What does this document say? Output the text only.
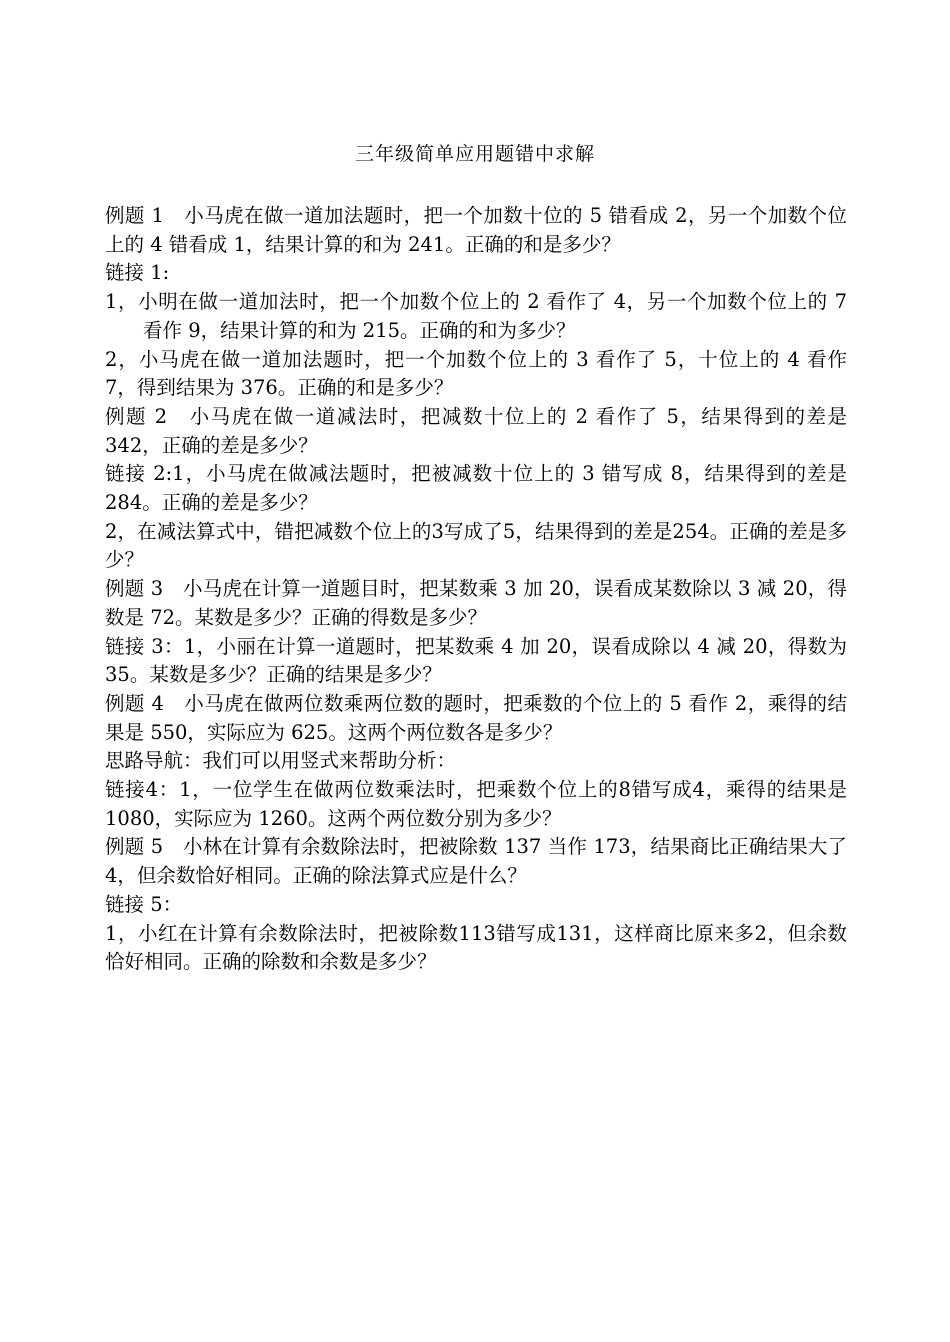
三年级简单应用题错中求解

例题 1　小马虎在做一道加法题时，把一个加数十位的 5 错看成 2，另一个加数个位上的 4 错看成 1，结果计算的和为 241。正确的和是多少？

链接 1:

1，小明在做一道加法时，把一个加数个位上的 2 看作了 4，另一个加数个位上的 7 看作 9，结果计算的和为 215。正确的和为多少？

2，小马虎在做一道加法题时，把一个加数个位上的 3 看作了 5，十位上的 4 看作 7，得到结果为 376。正确的和是多少？

例题 2　小马虎在做一道减法时，把减数十位上的 2 看作了 5，结果得到的差是 342，正确的差是多少？

链接 2:1，小马虎在做减法题时，把被减数十位上的 3 错写成 8，结果得到的差是 284。正确的差是多少？

2，在减法算式中，错把减数个位上的3写成了5，结果得到的差是254。正确的差是多少？

例题 3　小马虎在计算一道题目时，把某数乘 3 加 20，误看成某数除以 3 减 20，得数是 72。某数是多少？正确的得数是多少？

链接 3：1，小丽在计算一道题时，把某数乘 4 加 20，误看成除以 4 减 20，得数为 35。某数是多少？正确的结果是多少？

例题 4　小马虎在做两位数乘两位数的题时，把乘数的个位上的 5 看作 2，乘得的结果是 550，实际应为 625。这两个两位数各是多少？

思路导航：我们可以用竖式来帮助分析：

链接4：1，一位学生在做两位数乘法时，把乘数个位上的8错写成4，乘得的结果是 1080，实际应为 1260。这两个两位数分别为多少？

例题 5　小林在计算有余数除法时，把被除数 137 当作 173，结果商比正确结果大了 4，但余数恰好相同。正确的除法算式应是什么？

链接 5：

1，小红在计算有余数除法时，把被除数113错写成131，这样商比原来多2，但余数恰好相同。正确的除数和余数是多少？
